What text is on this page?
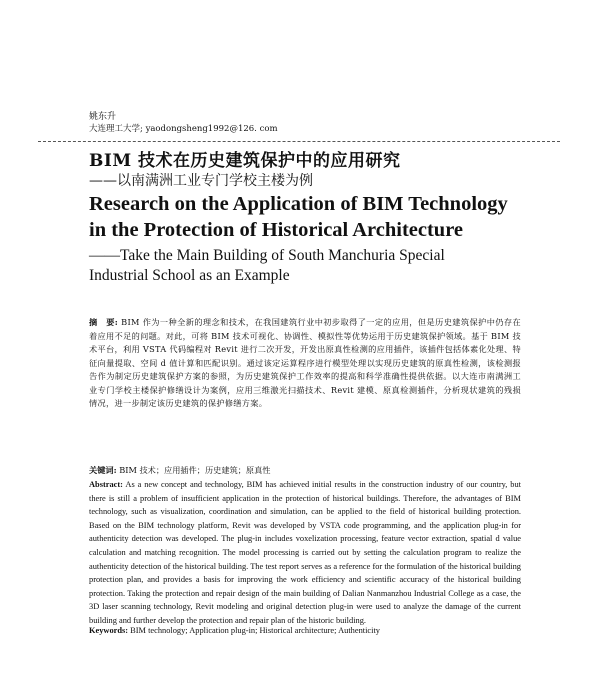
姚东升
大连理工大学; yaodongsheng1992@126. com
BIM 技术在历史建筑保护中的应用研究
——以南满洲工业专门学校主楼为例
Research on the Application of BIM Technology
in the Protection of Historical Architecture
——Take the Main Building of South Manchuria Special
Industrial School as an Example
摘　要: BIM 作为一种全新的理念和技术，在我国建筑行业中初步取得了一定的应用，但是历史建筑保护中仍存在着应用不足的问题。对此，可将 BIM 技术可视化、协调性、模拟性等优势运用于历史建筑保护领域。基于 BIM 技术平台，利用 VSTA 代码编程对 Revit 进行二次开发，开发出原真性检测的应用插件，该插件包括体素化处理、特征向量提取、空间 d 值计算和匹配识别。通过该定运算程序进行模型处理以实现历史建筑的原真性检测，该检测报告作为制定历史建筑保护方案的参照，为历史建筑保护工作效率的提高和科学准确性提供依据。以大连市南满洲工业专门学校主楼保护修缮设计为案例，应用三维激光扫描技术、Revit 建模、原真检测插件，分析现状建筑的残损情况，进一步制定该历史建筑的保护修缮方案。
关键词: BIM 技术；应用插件；历史建筑；原真性
Abstract: As a new concept and technology, BIM has achieved initial results in the construction industry of our country, but there is still a problem of insufficient application in the protection of historical buildings. Therefore, the advantages of BIM technology, such as visualization, coordination and simulation, can be applied to the field of historical building protection. Based on the BIM technology platform, Revit was developed by VSTA code programming, and the application plug-in for authenticity detection was developed. The plug-in includes voxelization processing, feature vector extraction, spatial d value calculation and matching recognition. The model processing is carried out by setting the calculation program to realize the authenticity detection of the historical building. The test report serves as a reference for the formulation of the historical building protection plan, and provides a basis for improving the work efficiency and scientific accuracy of the historical building protection. Taking the protection and repair design of the main building of Dalian Nanmanzhou Industrial College as a case, the 3D laser scanning technology, Revit modeling and original detection plug-in were used to analyze the damage of the current building and further develop the protection and repair plan of the historic building.
Keywords: BIM technology; Application plug-in; Historical architecture; Authenticity
